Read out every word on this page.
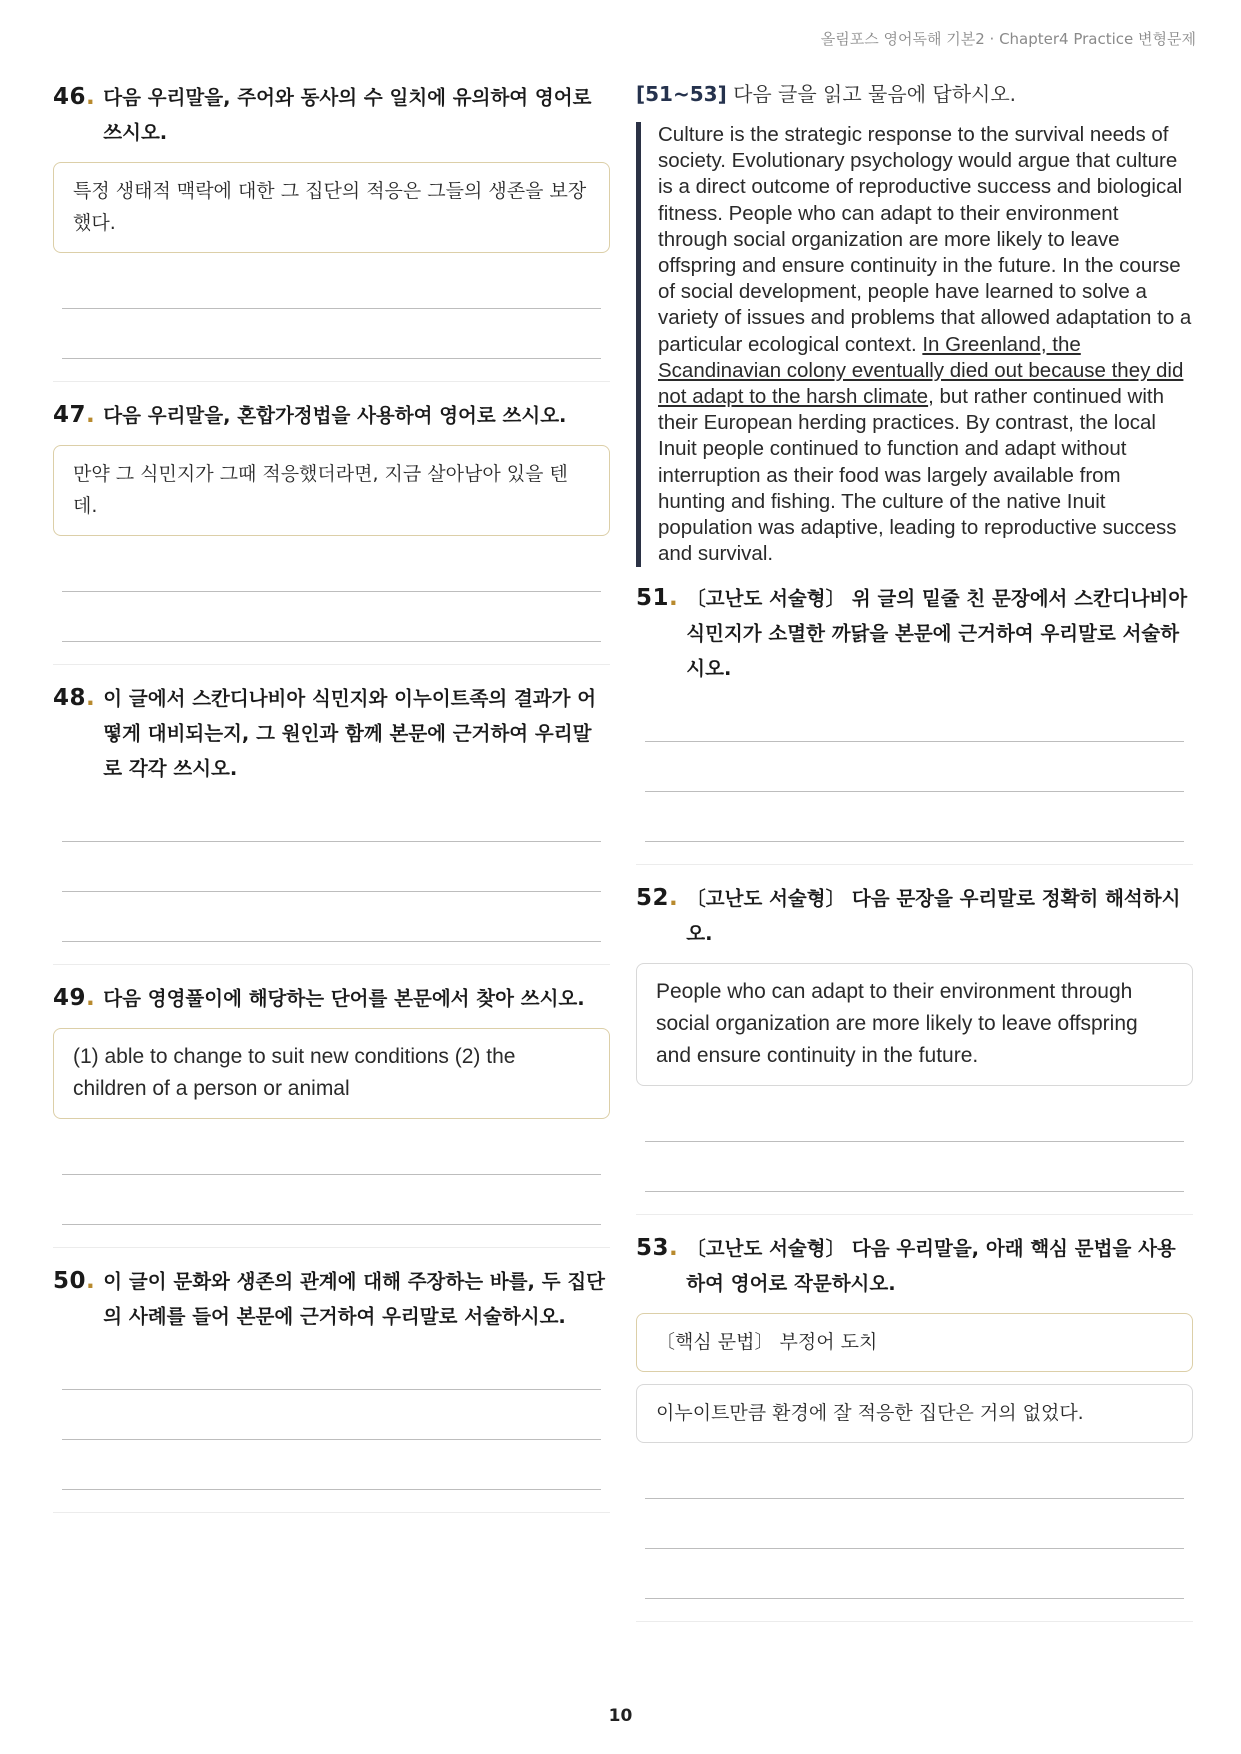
올림포스 영어독해 기본2 · Chapter4 Practice 변형문제
46. 다음 우리말을, 주어와 동사의 수 일치에 유의하여 영어로 쓰시오.
특정 생태적 맥락에 대한 그 집단의 적응은 그들의 생존을 보장했다.
47. 다음 우리말을, 혼합가정법을 사용하여 영어로 쓰시오.
만약 그 식민지가 그때 적응했더라면, 지금 살아남아 있을 텐데.
48. 이 글에서 스칸디나비아 식민지와 이누이트족의 결과가 어떻게 대비되는지, 그 원인과 함께 본문에 근거하여 우리말로 각각 쓰시오.
49. 다음 영영풀이에 해당하는 단어를 본문에서 찾아 쓰시오.
(1) able to change to suit new conditions (2) the children of a person or animal
50. 이 글이 문화와 생존의 관계에 대해 주장하는 바를, 두 집단의 사례를 들어 본문에 근거하여 우리말로 서술하시오.
[51~53] 다음 글을 읽고 물음에 답하시오.
Culture is the strategic response to the survival needs of society. Evolutionary psychology would argue that culture is a direct outcome of reproductive success and biological fitness. People who can adapt to their environment through social organization are more likely to leave offspring and ensure continuity in the future. In the course of social development, people have learned to solve a variety of issues and problems that allowed adaptation to a particular ecological context. In Greenland, the Scandinavian colony eventually died out because they did not adapt to the harsh climate, but rather continued with their European herding practices. By contrast, the local Inuit people continued to function and adapt without interruption as their food was largely available from hunting and fishing. The culture of the native Inuit population was adaptive, leading to reproductive success and survival.
51. 〔고난도 서술형〕 위 글의 밑줄 친 문장에서 스칸디나비아 식민지가 소멸한 까닭을 본문에 근거하여 우리말로 서술하시오.
52. 〔고난도 서술형〕 다음 문장을 우리말로 정확히 해석하시오.
People who can adapt to their environment through social organization are more likely to leave offspring and ensure continuity in the future.
53. 〔고난도 서술형〕 다음 우리말을, 아래 핵심 문법을 사용하여 영어로 작문하시오.
〔핵심 문법〕 부정어 도치
이누이트만큼 환경에 잘 적응한 집단은 거의 없었다.
10
